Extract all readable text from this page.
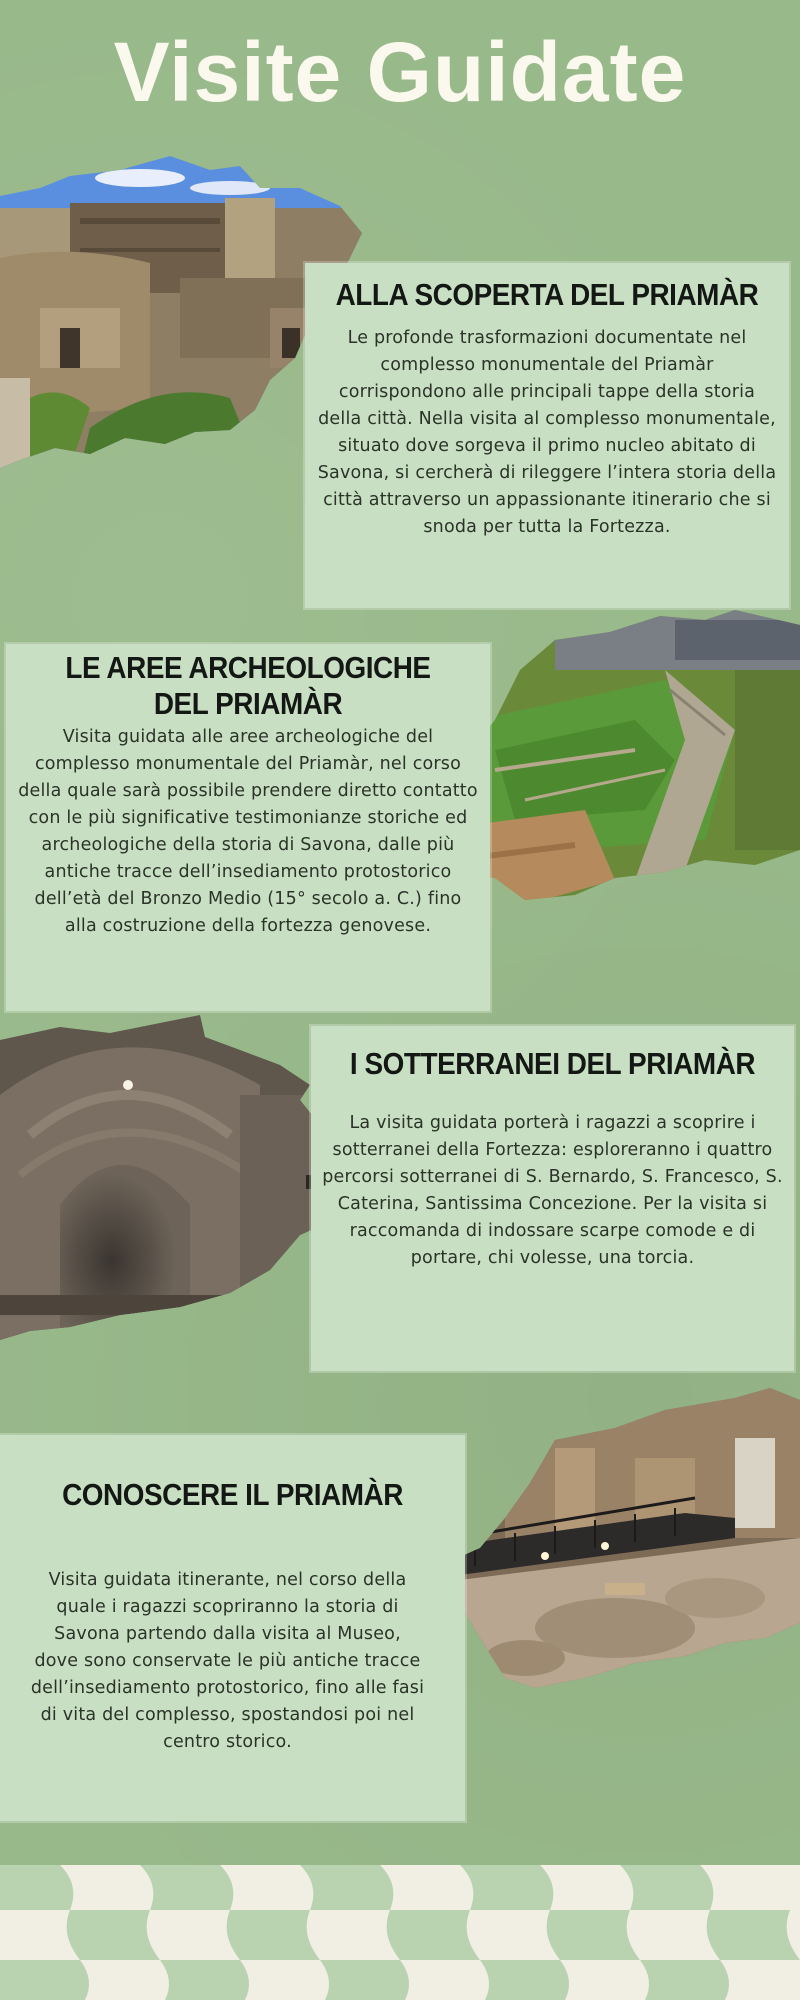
Visite Guidate
ALLA SCOPERTA DEL PRIAMÀR

Le profonde trasformazioni documentate nel complesso monumentale del Priamàr corrispondono alle principali tappe della storia della città. Nella visita al complesso monumentale, situato dove sorgeva il primo nucleo abitato di Savona, si cercherà di rileggere l’intera storia della città attraverso un appassionante itinerario che si snoda per tutta la Fortezza.

LE AREE ARCHEOLOGICHE DEL PRIAMÀR

Visita guidata alle aree archeologiche del complesso monumentale del Priamàr, nel corso della quale sarà possibile prendere diretto contatto con le più significative testimonianze storiche ed archeologiche della storia di Savona, dalle più antiche tracce dell’insediamento protostorico dell’età del Bronzo Medio (15° secolo a. C.) fino alla costruzione della fortezza genovese.

I SOTTERRANEI DEL PRIAMÀR

La visita guidata porterà i ragazzi a scoprire i sotterranei della Fortezza: esploreranno i quattro percorsi sotterranei di S. Bernardo, S. Francesco, S. Caterina, Santissima Concezione. Per la visita si raccomanda di indossare scarpe comode e di portare, chi volesse, una torcia.

CONOSCERE IL PRIAMÀR

Visita guidata itinerante, nel corso della quale i ragazzi scopriranno la storia di Savona partendo dalla visita al Museo, dove sono conservate le più antiche tracce dell’insediamento protostorico, fino alle fasi di vita del complesso, spostandosi poi nel centro storico.
